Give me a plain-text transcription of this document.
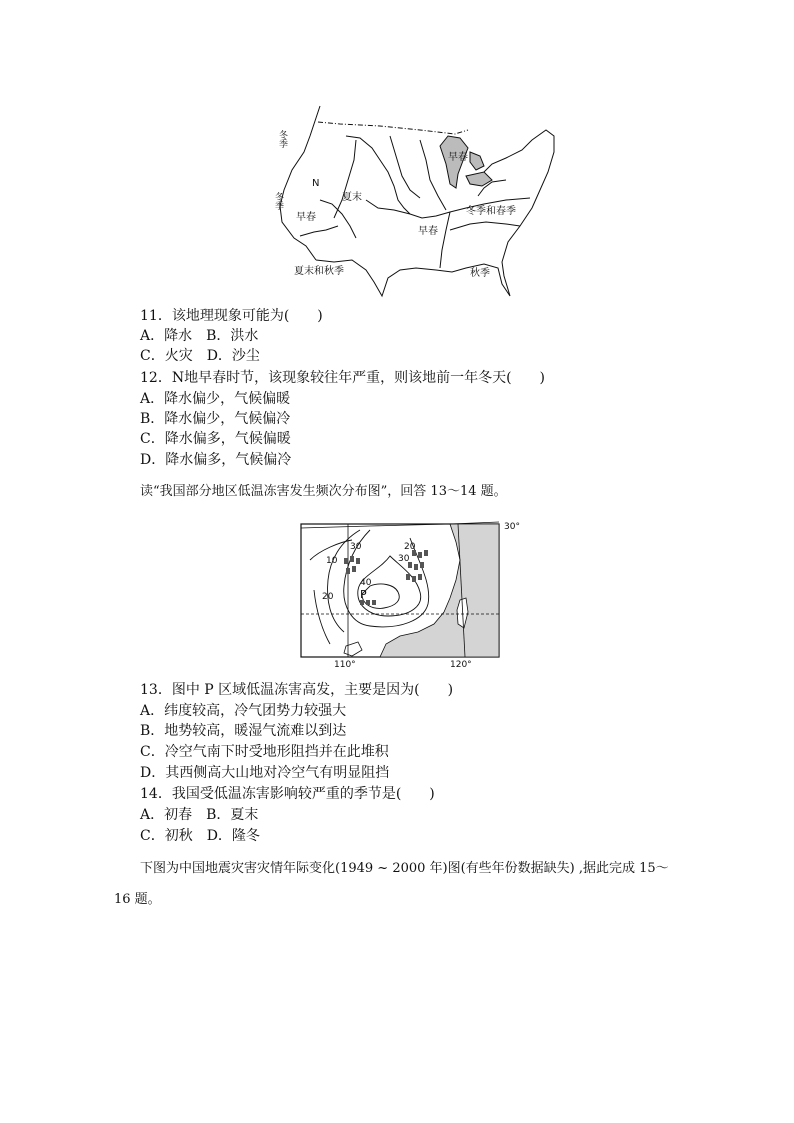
冬季
冬季
N
早春
夏末
早春
早春
冬季和春季
夏末和秋季	秋季
11．该地理现象可能为(　　)
A．降水　B．洪水
C．火灾　D．沙尘
12．N地早春时节，该现象较往年严重，则该地前一年冬天(　　)
A．降水偏少，气候偏暖
B．降水偏少，气候偏冷
C．降水偏多，气候偏暖
D．降水偏多，气候偏冷
读“我国部分地区低温冻害发生频次分布图”，回答 13～14 题。
30°
110°	120°
10
20
30
40
30
20
P
13．图中 P 区域低温冻害高发，主要是因为(　　)
A．纬度较高，冷气团势力较强大
B．地势较高，暖湿气流难以到达
C．冷空气南下时受地形阻挡并在此堆积
D．其西侧高大山地对冷空气有明显阻挡
14．我国受低温冻害影响较严重的季节是(　　)
A．初春　B．夏末
C．初秋　D．隆冬
下图为中国地震灾害灾情年际变化(1949 ~ 2000 年)图(有些年份数据缺失) ,据此完成 15～
16 题。
